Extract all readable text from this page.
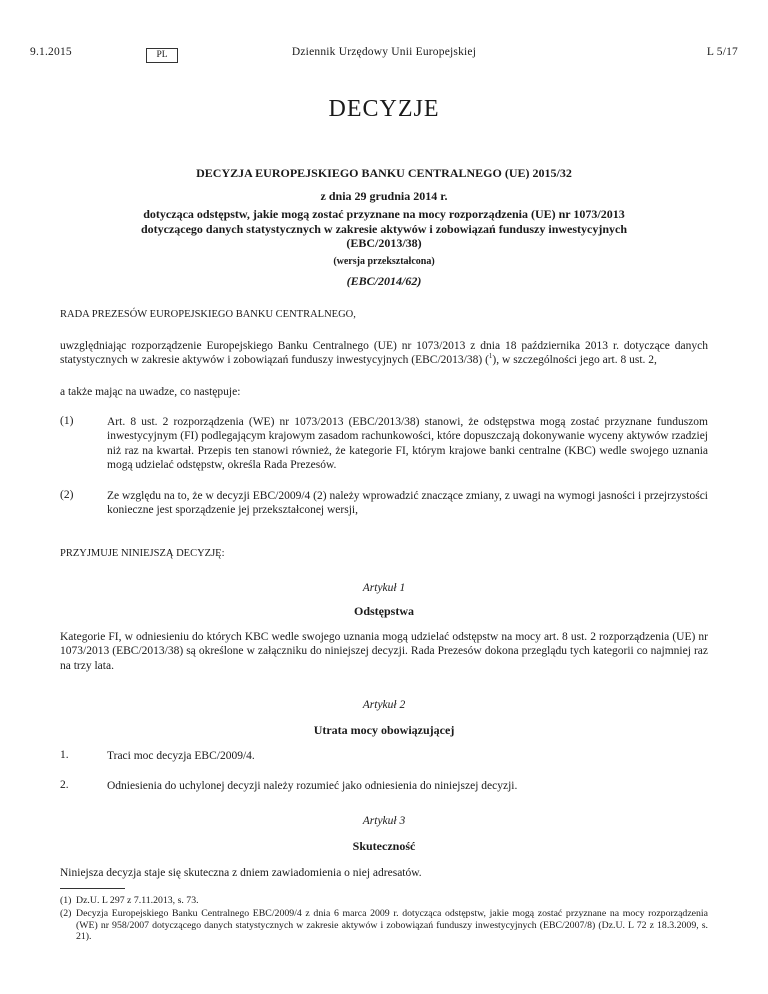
9.1.2015	PL	Dziennik Urzędowy Unii Europejskiej	L 5/17
DECYZJE
DECYZJA EUROPEJSKIEGO BANKU CENTRALNEGO (UE) 2015/32
z dnia 29 grudnia 2014 r.
dotycząca odstępstw, jakie mogą zostać przyznane na mocy rozporządzenia (UE) nr 1073/2013
dotyczącego danych statystycznych w zakresie aktywów i zobowiązań funduszy inwestycyjnych
(EBC/2013/38)
(wersja przekształcona)
(EBC/2014/62)
RADA PREZESÓW EUROPEJSKIEGO BANKU CENTRALNEGO,
uwzględniając rozporządzenie Europejskiego Banku Centralnego (UE) nr 1073/2013 z dnia 18 października 2013 r. dotyczące danych statystycznych w zakresie aktywów i zobowiązań funduszy inwestycyjnych (EBC/2013/38) ($^1$), w szczególności jego art. 8 ust. 2,
a także mając na uwadze, co następuje:
(1)	Art. 8 ust. 2 rozporządzenia (WE) nr 1073/2013 (EBC/2013/38) stanowi, że odstępstwa mogą zostać przyznane funduszom inwestycyjnym (FI) podlegającym krajowym zasadom rachunkowości, które dopuszczają dokonywanie wyceny aktywów rzadziej niż raz na kwartał. Przepis ten stanowi również, że kategorie FI, którym krajowe banki centralne (KBC) wedle swojego uznania mogą udzielać odstępstw, określa Rada Prezesów.
(2)	Ze względu na to, że w decyzji EBC/2009/4 (2) należy wprowadzić znaczące zmiany, z uwagi na wymogi jasności i przejrzystości konieczne jest sporządzenie jej przekształconej wersji,
PRZYJMUJE NINIEJSZĄ DECYZJĘ:
Artykuł 1
Odstępstwa
Kategorie FI, w odniesieniu do których KBC wedle swojego uznania mogą udzielać odstępstw na mocy art. 8 ust. 2 rozporządzenia (UE) nr 1073/2013 (EBC/2013/38) są określone w załączniku do niniejszej decyzji. Rada Prezesów dokona przeglądu tych kategorii co najmniej raz na trzy lata.
Artykuł 2
Utrata mocy obowiązującej
1.	Traci moc decyzja EBC/2009/4.
2.	Odniesienia do uchylonej decyzji należy rozumieć jako odniesienia do niniejszej decyzji.
Artykuł 3
Skuteczność
Niniejsza decyzja staje się skuteczna z dniem zawiadomienia o niej adresatów.
(1) Dz.U. L 297 z 7.11.2013, s. 73.
(2) Decyzja Europejskiego Banku Centralnego EBC/2009/4 z dnia 6 marca 2009 r. dotycząca odstępstw, jakie mogą zostać przyznane na mocy rozporządzenia (WE) nr 958/2007 dotyczącego danych statystycznych w zakresie aktywów i zobowiązań funduszy inwestycyjnych (EBC/2007/8) (Dz.U. L 72 z 18.3.2009, s. 21).
